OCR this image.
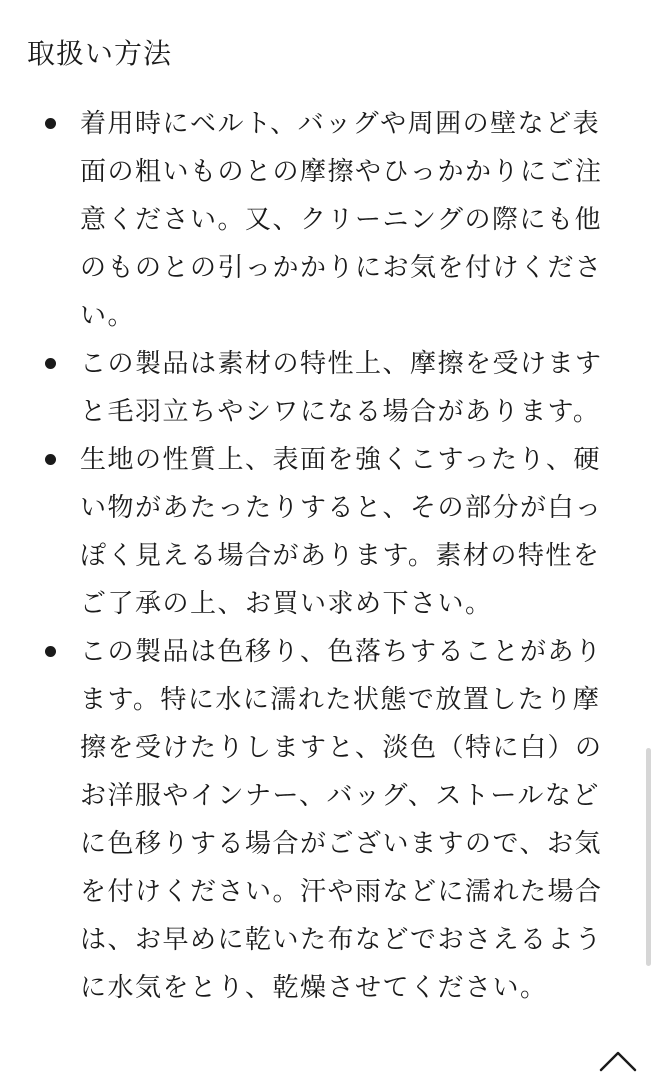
取扱い方法
着用時にベルト、バッグや周囲の壁など表
面の粗いものとの摩擦やひっかかりにご注
意ください。又、クリーニングの際にも他
のものとの引っかかりにお気を付けくださ
い。
この製品は素材の特性上、摩擦を受けます
と毛羽立ちやシワになる場合があります。
生地の性質上、表面を強くこすったり、硬
い物があたったりすると、その部分が白っ
ぽく見える場合があります。素材の特性を
ご了承の上、お買い求め下さい。
この製品は色移り、色落ちすることがあり
ます。特に水に濡れた状態で放置したり摩
擦を受けたりしますと、淡色（特に白）の
お洋服やインナー、バッグ、ストールなど
に色移りする場合がございますので、お気
を付けください。汗や雨などに濡れた場合
は、お早めに乾いた布などでおさえるよう
に水気をとり、乾燥させてください。
